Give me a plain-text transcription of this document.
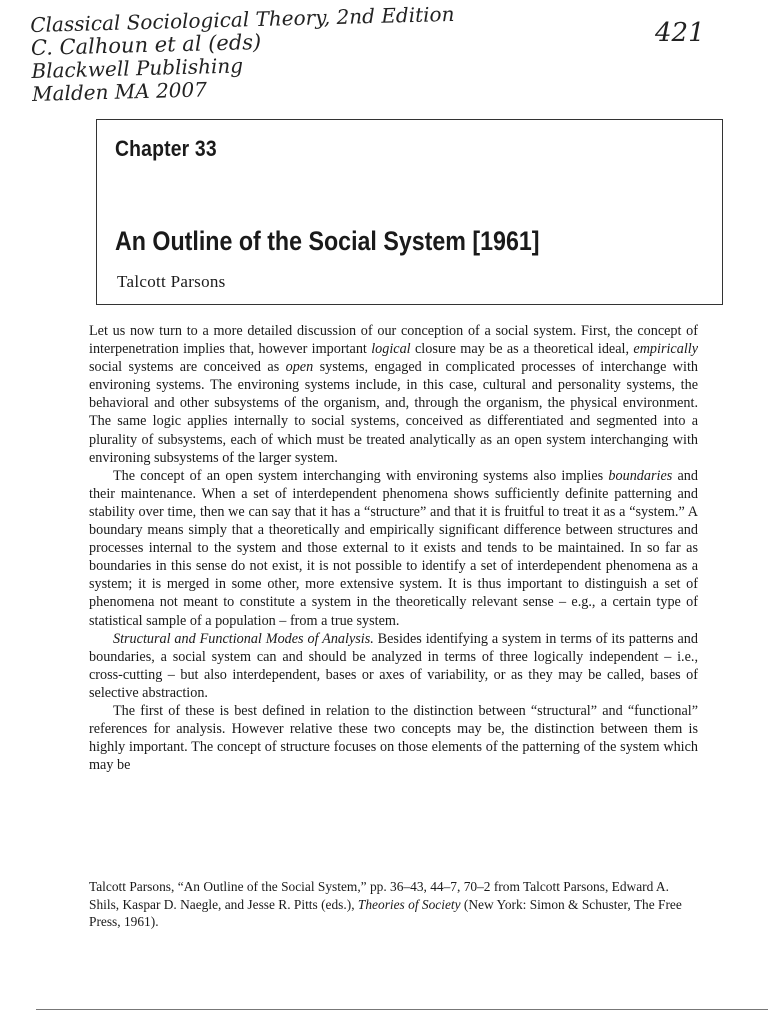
Classical Sociological Theory, 2nd Edition
C. Calhoun et al (eds)
Blackwell Publishing
Malden MA 2007
421
Chapter 33
An Outline of the Social System [1961]
Talcott Parsons

Let us now turn to a more detailed discussion of our conception of a social system. First, the concept of interpenetration implies that, however important logical closure may be as a theoretical ideal, empirically social systems are conceived as open systems, engaged in complicated processes of interchange with environing systems. The environing systems include, in this case, cultural and personality systems, the behavioral and other subsystems of the organism, and, through the organism, the physical environment. The same logic applies internally to social systems, conceived as differentiated and segmented into a plurality of subsystems, each of which must be treated analytically as an open system interchanging with environing subsystems of the larger system.

The concept of an open system interchanging with environing systems also implies boundaries and their maintenance. When a set of interdependent phenomena shows sufficiently definite patterning and stability over time, then we can say that it has a “structure” and that it is fruitful to treat it as a “system.” A boundary means simply that a theoretically and empirically significant difference between structures and processes internal to the system and those external to it exists and tends to be maintained. In so far as boundaries in this sense do not exist, it is not possible to identify a set of interdependent phenomena as a system; it is merged in some other, more extensive system. It is thus important to distinguish a set of phenomena not meant to constitute a system in the theoretically relevant sense – e.g., a certain type of statistical sample of a population – from a true system.

Structural and Functional Modes of Analysis. Besides identifying a system in terms of its patterns and boundaries, a social system can and should be analyzed in terms of three logically independent – i.e., cross-cutting – but also interdependent, bases or axes of variability, or as they may be called, bases of selective abstraction.

The first of these is best defined in relation to the distinction between “structural” and “functional” references for analysis. However relative these two concepts may be, the distinction between them is highly important. The concept of structure focuses on those elements of the patterning of the system which may be

Talcott Parsons, “An Outline of the Social System,” pp. 36–43, 44–7, 70–2 from Talcott Parsons, Edward A. Shils, Kaspar D. Naegle, and Jesse R. Pitts (eds.), Theories of Society (New York: Simon & Schuster, The Free Press, 1961).
